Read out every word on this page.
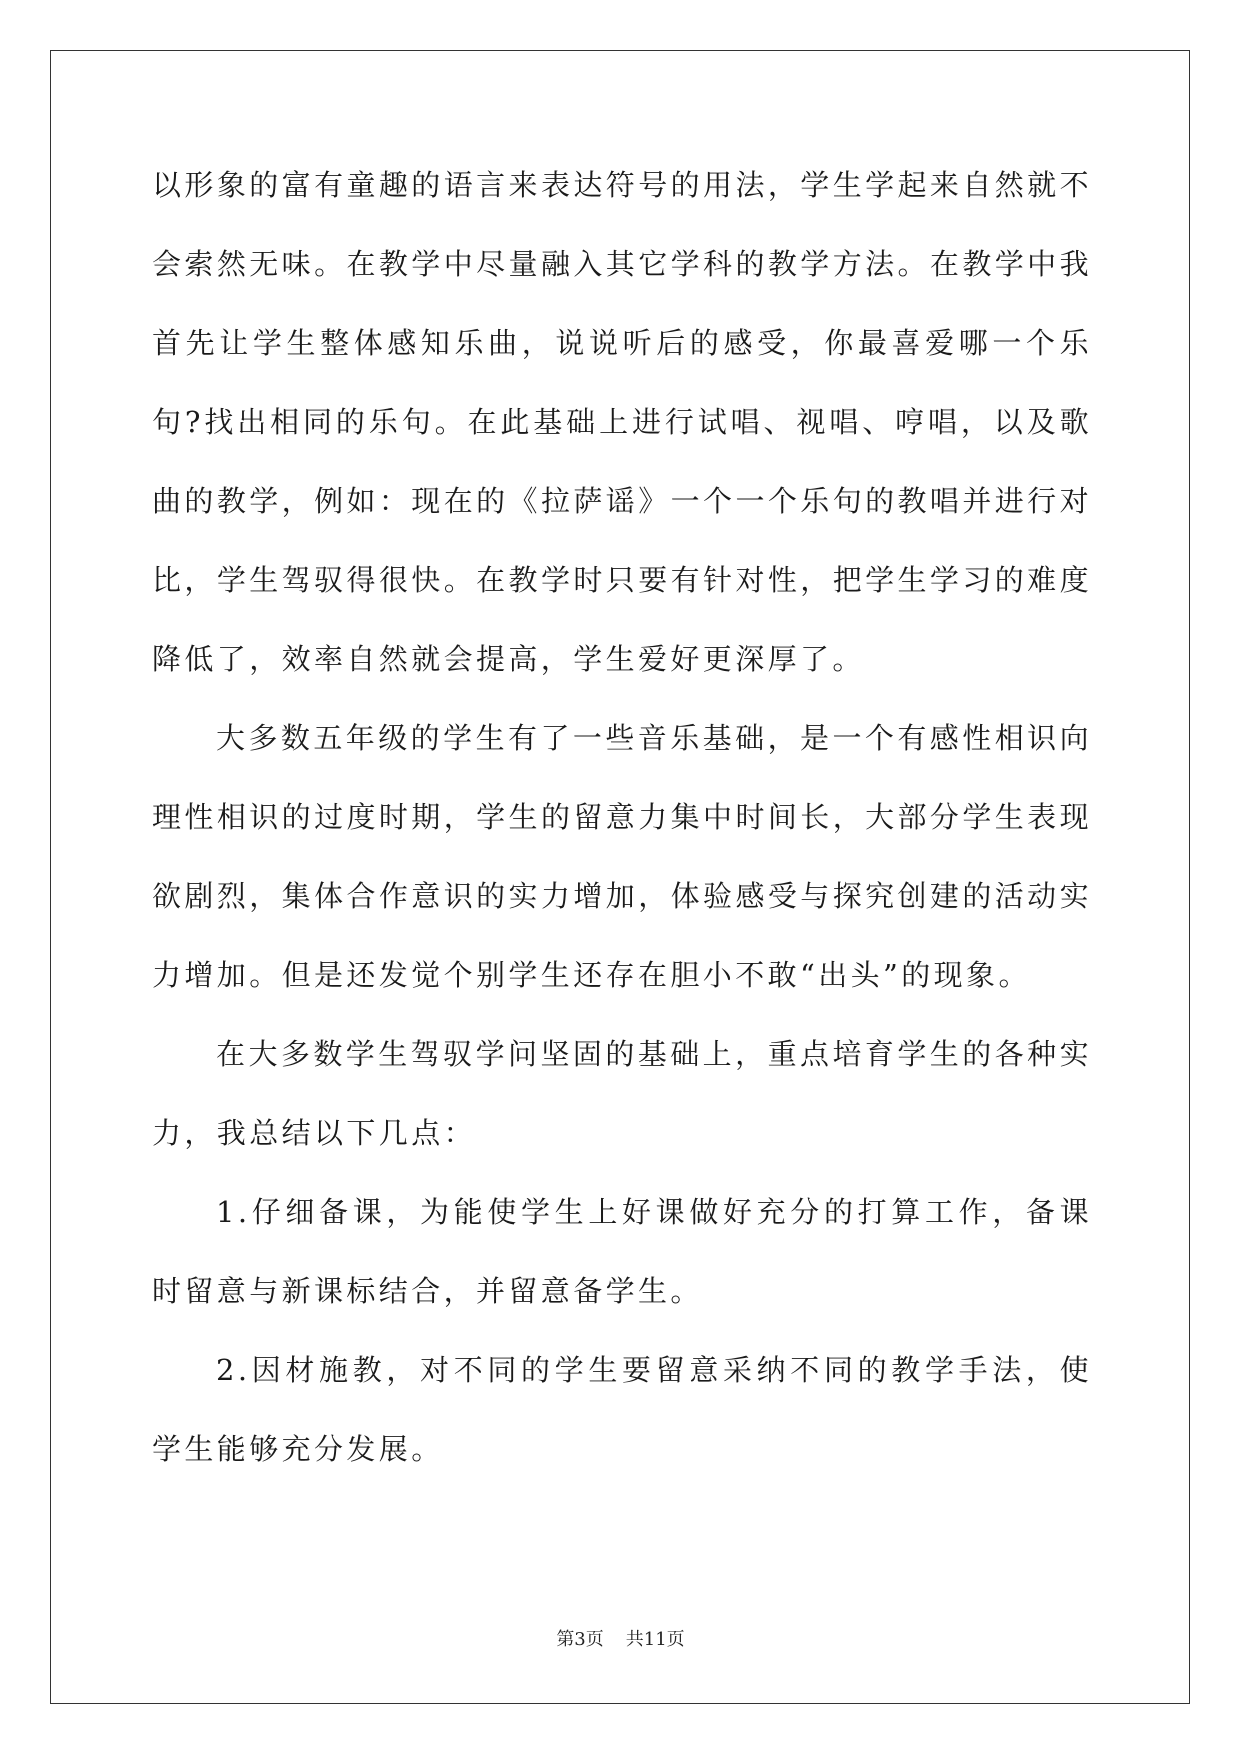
以形象的富有童趣的语言来表达符号的用法，学生学起来自然就不会索然无味。在教学中尽量融入其它学科的教学方法。在教学中我首先让学生整体感知乐曲，说说听后的感受，你最喜爱哪一个乐句?找出相同的乐句。在此基础上进行试唱、视唱、哼唱，以及歌曲的教学，例如：现在的《拉萨谣》一个一个乐句的教唱并进行对比，学生驾驭得很快。在教学时只要有针对性，把学生学习的难度降低了，效率自然就会提高，学生爱好更深厚了。

大多数五年级的学生有了一些音乐基础，是一个有感性相识向理性相识的过度时期，学生的留意力集中时间长，大部分学生表现欲剧烈，集体合作意识的实力增加，体验感受与探究创建的活动实力增加。但是还发觉个别学生还存在胆小不敢“出头”的现象。

在大多数学生驾驭学问坚固的基础上，重点培育学生的各种实力，我总结以下几点：

1.仔细备课，为能使学生上好课做好充分的打算工作，备课时留意与新课标结合，并留意备学生。

2.因材施教，对不同的学生要留意采纳不同的教学手法，使学生能够充分发展。

第3页 共11页
